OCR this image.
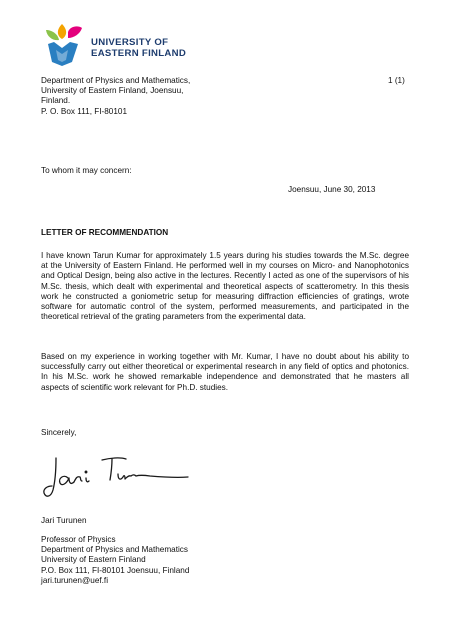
UNIVERSITY OF
EASTERN FINLAND
Department of Physics and Mathematics,
University of Eastern Finland, Joensuu,
Finland.
P. O. Box 111, FI-80101
1 (1)
To whom it may concern:
Joensuu, June 30, 2013
LETTER OF RECOMMENDATION
I have known Tarun Kumar for approximately 1.5 years during his studies towards the M.Sc. degree at the University of Eastern Finland. He performed well in my courses on Micro- and Nanophotonics and Optical Design, being also active in the lectures. Recently I acted as one of the supervisors of his M.Sc. thesis, which dealt with experimental and theoretical aspects of scatterometry. In this thesis work he constructed a goniometric setup for measuring diffraction efficiencies of gratings, wrote software for automatic control of the system, performed measurements, and participated in the theoretical retrieval of the grating parameters from the experimental data.
Based on my experience in working together with Mr. Kumar, I have no doubt about his ability to successfully carry out either theoretical or experimental research in any field of optics and photonics. In his M.Sc. work he showed remarkable independence and demonstrated that he masters all aspects of scientific work relevant for Ph.D. studies.
Sincerely,
Jari Turunen
Professor of Physics
Department of Physics and Mathematics
University of Eastern Finland
P.O. Box 111, FI-80101 Joensuu, Finland
jari.turunen@uef.fi
